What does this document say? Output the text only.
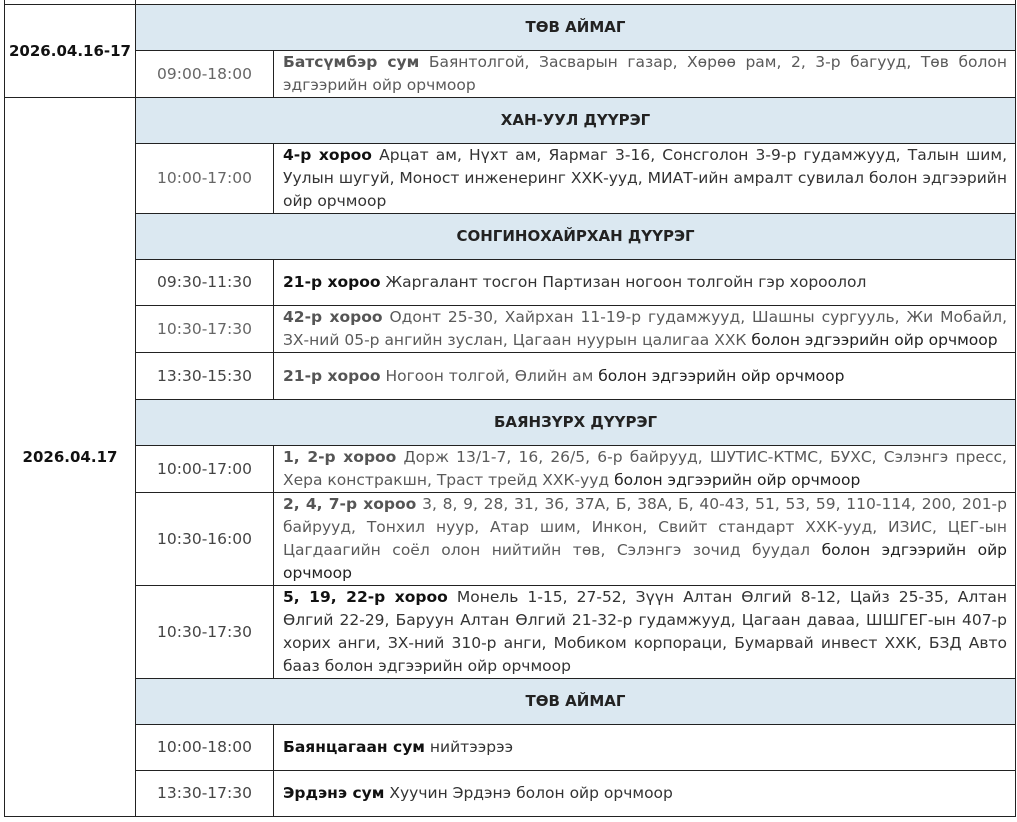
2026.04.16-17	ТӨВ АЙМАГ	
	09:00-18:00	Батсүмбэр сум Баянтолгой, Засварын газар, Хөрөө рам, 2, 3-р багууд, Төв болон эдгээрийн ойр орчмоор
2026.04.17	ХАН-УУЛ ДҮҮРЭГ	
	10:00-17:00	4-р хороо Арцат ам, Нүхт ам, Яармаг 3-16, Сонсголон 3-9-р гудамжууд, Талын шим, Уулын шугуй, Моност инженеринг ХХК-ууд, МИАТ-ийн амралт сувилал болон эдгээрийн ойр орчмоор
	СОНГИНОХАЙРХАН ДҮҮРЭГ	
	09:30-11:30	21-р хороо Жаргалант тосгон Партизан ногоон толгойн гэр хороолол
	10:30-17:30	42-р хороо Одонт 25-30, Хайрхан 11-19-р гудамжууд, Шашны сургууль, Жи Мобайл, ЗХ-ний 05-р ангийн зуслан, Цагаан нуурын цалигаа ХХК болон эдгээрийн ойр орчмоор
	13:30-15:30	21-р хороо Ногоон толгой, Өлийн ам болон эдгээрийн ойр орчмоор
	БАЯНЗҮРХ ДҮҮРЭГ	
	10:00-17:00	1, 2-р хороо Дорж 13/1-7, 16, 26/5, 6-р байрууд, ШУТИС-КТМС, БУХС, Сэлэнгэ пресс, Хера констракшн, Траст трейд ХХК-ууд болон эдгээрийн ойр орчмоор
	10:30-16:00	2, 4, 7-р хороо 3, 8, 9, 28, 31, 36, 37А, Б, 38А, Б, 40-43, 51, 53, 59, 110-114, 200, 201-р байрууд, Тонхил нуур, Атар шим, Инкон, Свийт стандарт ХХК-ууд, ИЗИС, ЦЕГ-ын Цагдаагийн соёл олон нийтийн төв, Сэлэнгэ зочид буудал болон эдгээрийн ойр орчмоор
	10:30-17:30	5, 19, 22-р хороо Монель 1-15, 27-52, Зүүн Алтан Өлгий 8-12, Цайз 25-35, Алтан Өлгий 22-29, Баруун Алтан Өлгий 21-32-р гудамжууд, Цагаан даваа, ШШГЕГ-ын 407-р хорих анги, ЗХ-ний 310-р анги, Мобиком корпораци, Бумарвай инвест ХХК, БЗД Авто бааз болон эдгээрийн ойр орчмоор
	ТӨВ АЙМАГ	
	10:00-18:00	Баянцагаан сум нийтээрээ
	13:30-17:30	Эрдэнэ сум Хуучин Эрдэнэ болон ойр орчмоор
